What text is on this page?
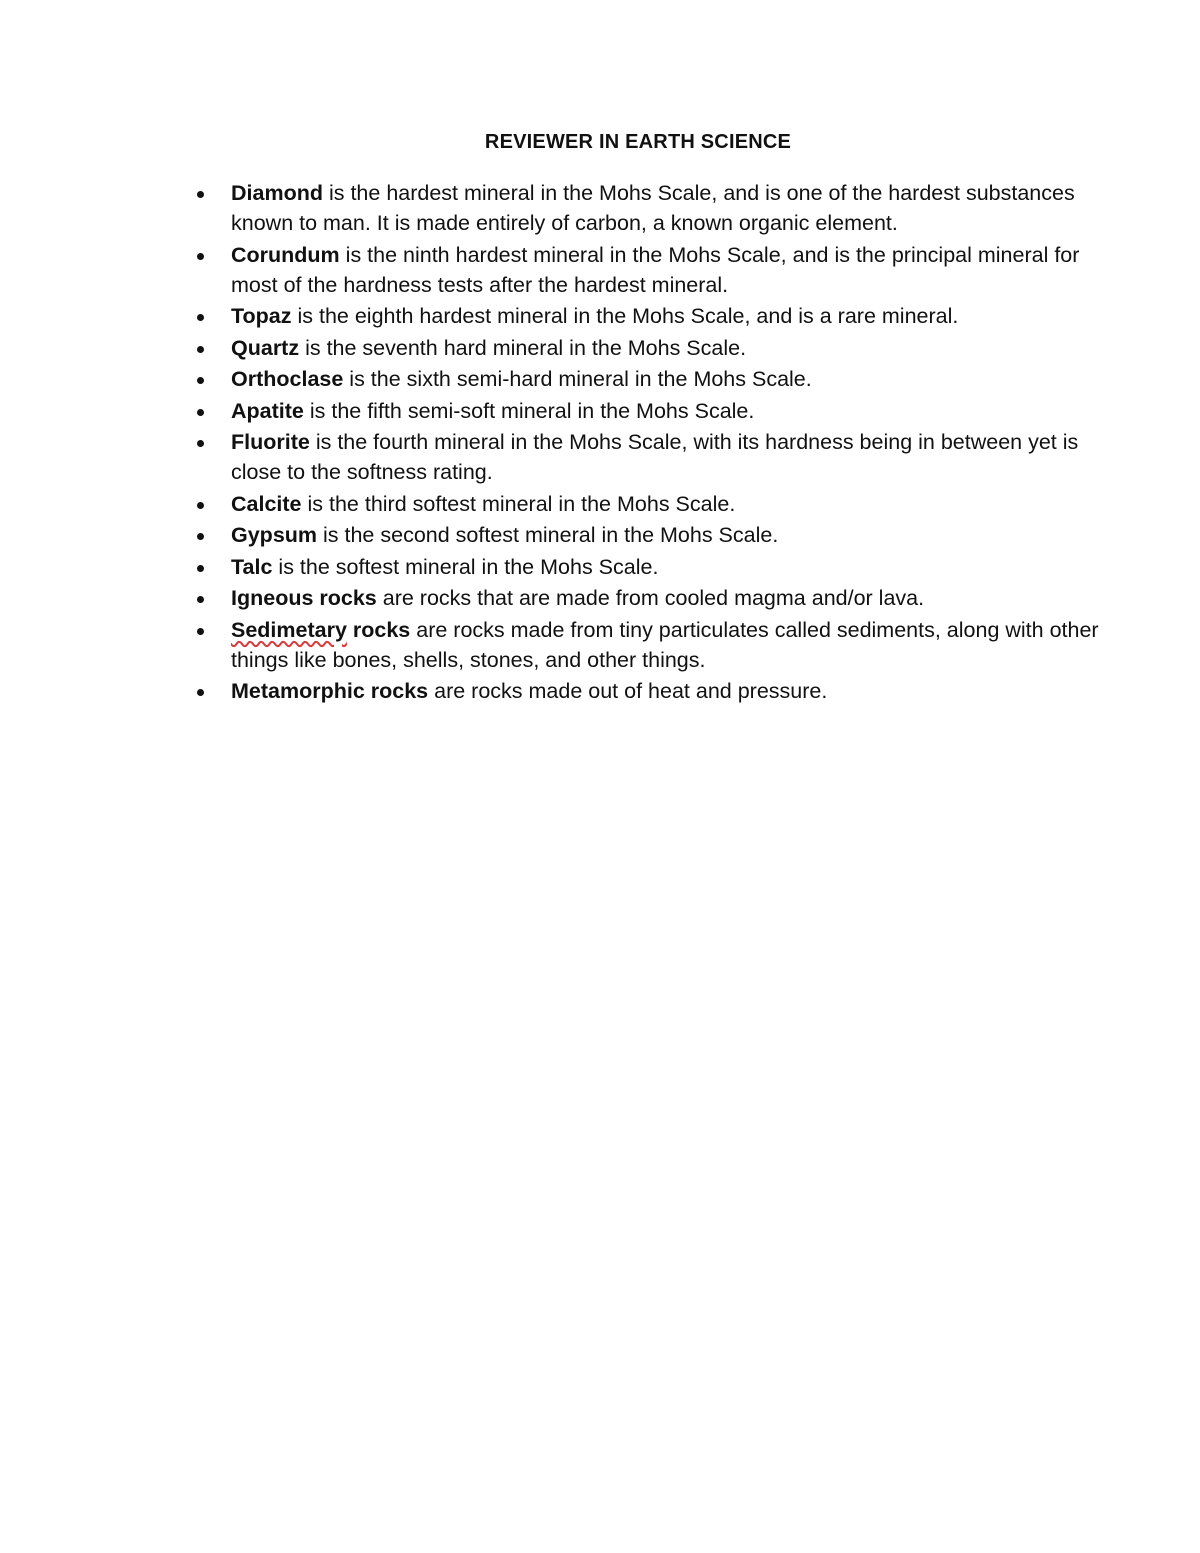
REVIEWER IN EARTH SCIENCE
Diamond is the hardest mineral in the Mohs Scale, and is one of the hardest substances known to man. It is made entirely of carbon, a known organic element.
Corundum is the ninth hardest mineral in the Mohs Scale, and is the principal mineral for most of the hardness tests after the hardest mineral.
Topaz is the eighth hardest mineral in the Mohs Scale, and is a rare mineral.
Quartz is the seventh hard mineral in the Mohs Scale.
Orthoclase is the sixth semi-hard mineral in the Mohs Scale.
Apatite is the fifth semi-soft mineral in the Mohs Scale.
Fluorite is the fourth mineral in the Mohs Scale, with its hardness being in between yet is close to the softness rating.
Calcite is the third softest mineral in the Mohs Scale.
Gypsum is the second softest mineral in the Mohs Scale.
Talc is the softest mineral in the Mohs Scale.
Igneous rocks are rocks that are made from cooled magma and/or lava.
Sedimetary rocks are rocks made from tiny particulates called sediments, along with other things like bones, shells, stones, and other things.
Metamorphic rocks are rocks made out of heat and pressure.
